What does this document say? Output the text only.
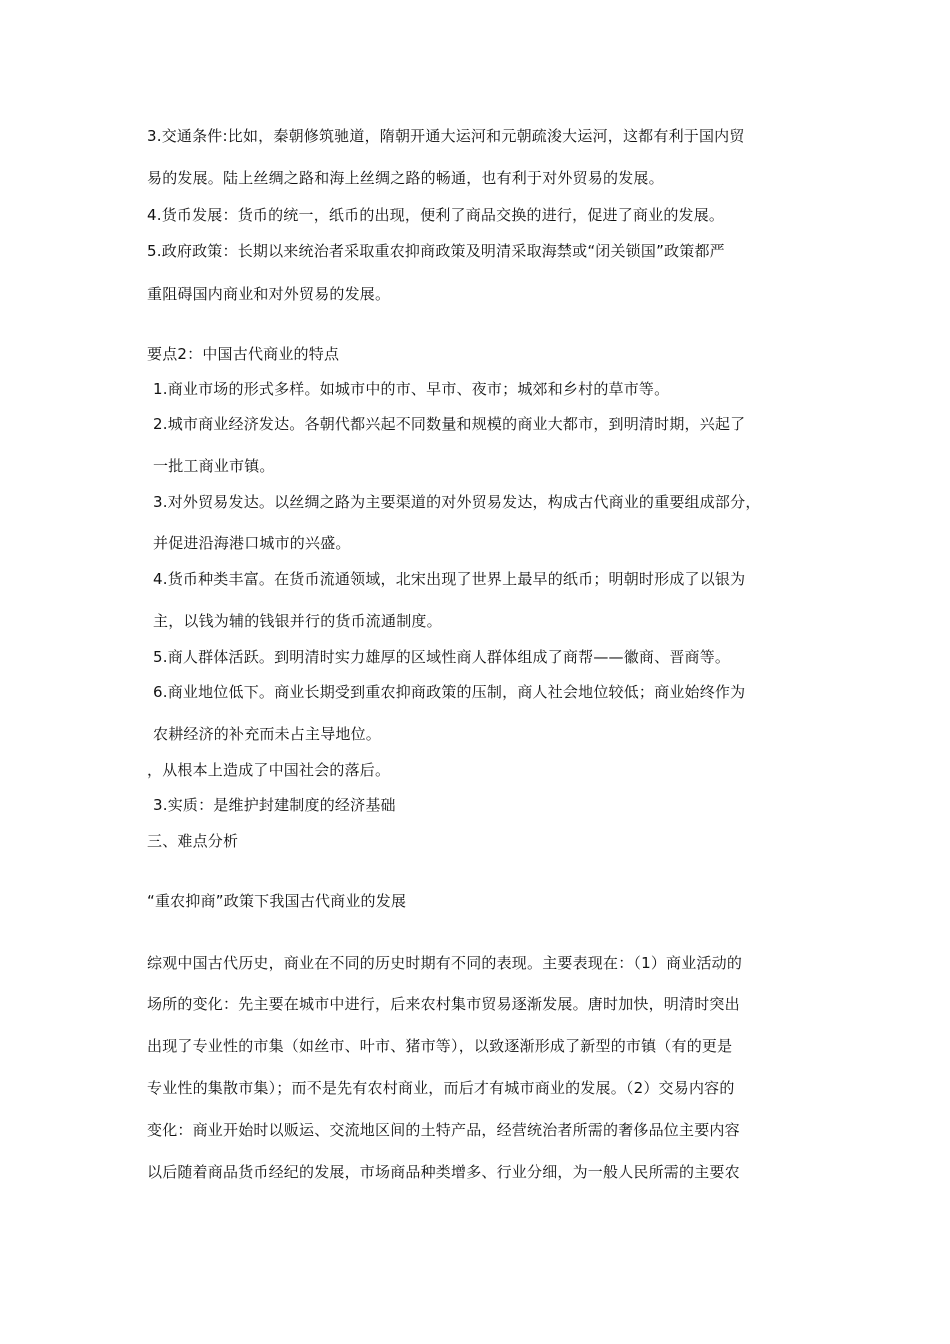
3.交通条件:比如，秦朝修筑驰道，隋朝开通大运河和元朝疏浚大运河，这都有利于国内贸
易的发展。陆上丝绸之路和海上丝绸之路的畅通，也有利于对外贸易的发展。
4.货币发展：货币的统一，纸币的出现，便利了商品交换的进行，促进了商业的发展。
5.政府政策：长期以来统治者采取重农抑商政策及明清采取海禁或“闭关锁国”政策都严
重阻碍国内商业和对外贸易的发展。
要点2：中国古代商业的特点
1.商业市场的形式多样。如城市中的市、早市、夜市；城郊和乡村的草市等。
2.城市商业经济发达。各朝代都兴起不同数量和规模的商业大都市，到明清时期，兴起了
一批工商业市镇。
3.对外贸易发达。以丝绸之路为主要渠道的对外贸易发达，构成古代商业的重要组成部分，
并促进沿海港口城市的兴盛。
4.货币种类丰富。在货币流通领域，北宋出现了世界上最早的纸币；明朝时形成了以银为
主，以钱为辅的钱银并行的货币流通制度。
5.商人群体活跃。到明清时实力雄厚的区域性商人群体组成了商帮——徽商、晋商等。
6.商业地位低下。商业长期受到重农抑商政策的压制，商人社会地位较低；商业始终作为
农耕经济的补充而未占主导地位。
，从根本上造成了中国社会的落后。
3.实质：是维护封建制度的经济基础
三、难点分析
“重农抑商”政策下我国古代商业的发展
综观中国古代历史，商业在不同的历史时期有不同的表现。主要表现在：（1）商业活动的
场所的变化：先主要在城市中进行，后来农村集市贸易逐渐发展。唐时加快，明清时突出
出现了专业性的市集（如丝市、叶市、猪市等），以致逐渐形成了新型的市镇（有的更是
专业性的集散市集）；而不是先有农村商业，而后才有城市商业的发展。（2）交易内容的
变化：商业开始时以贩运、交流地区间的土特产品，经营统治者所需的奢侈品位主要内容
以后随着商品货币经纪的发展，市场商品种类增多、行业分细，为一般人民所需的主要农
